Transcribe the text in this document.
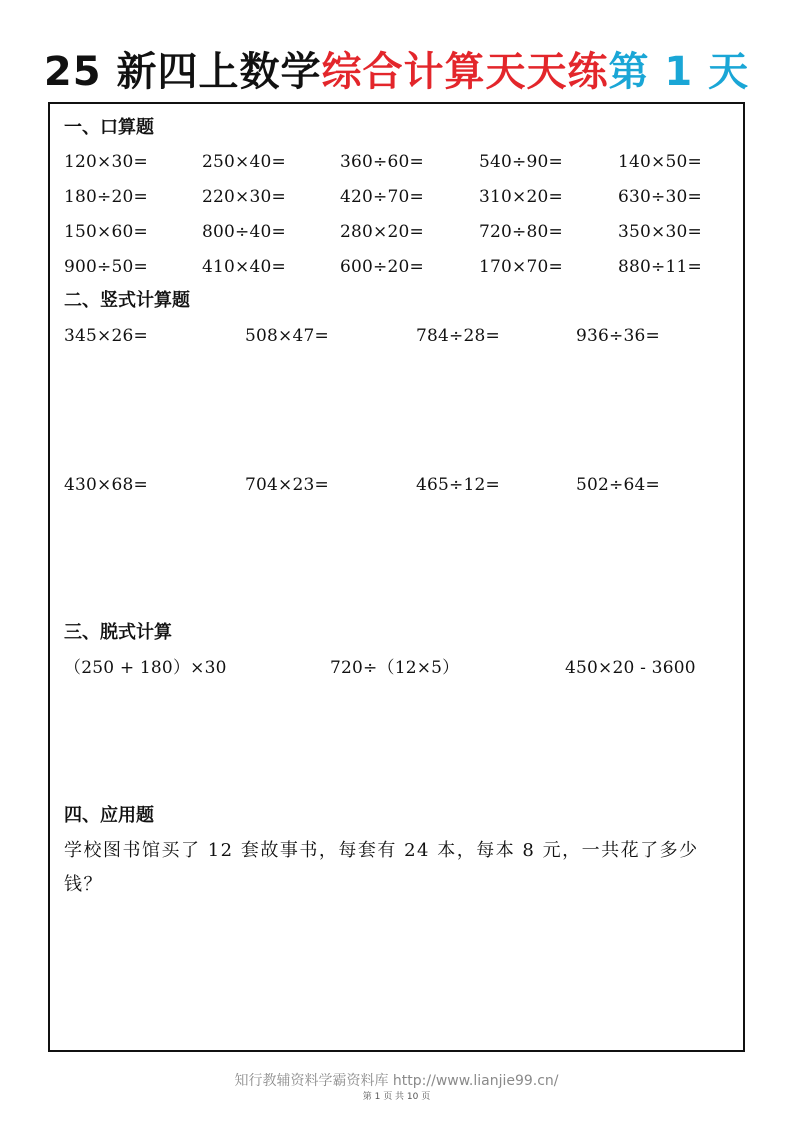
25 新四上数学综合计算天天练第 1 天
一、口算题
120×30=	250×40=	360÷60=	540÷90=	140×50=
180÷20=	220×30=	420÷70=	310×20=	630÷30=
150×60=	800÷40=	280×20=	720÷80=	350×30=
900÷50=	410×40=	600÷20=	170×70=	880÷11=
二、竖式计算题
345×26=	508×47=	784÷28=	936÷36=
430×68=	704×23=	465÷12=	502÷64=
三、脱式计算
（250 + 180）×30	720÷（12×5）	450×20 - 3600
四、应用题
学校图书馆买了 12 套故事书，每套有 24 本，每本 8 元，一共花了多少钱？
知行教辅资料学霸资料库 http://www.lianjie99.cn/
第 1 页 共 10 页
